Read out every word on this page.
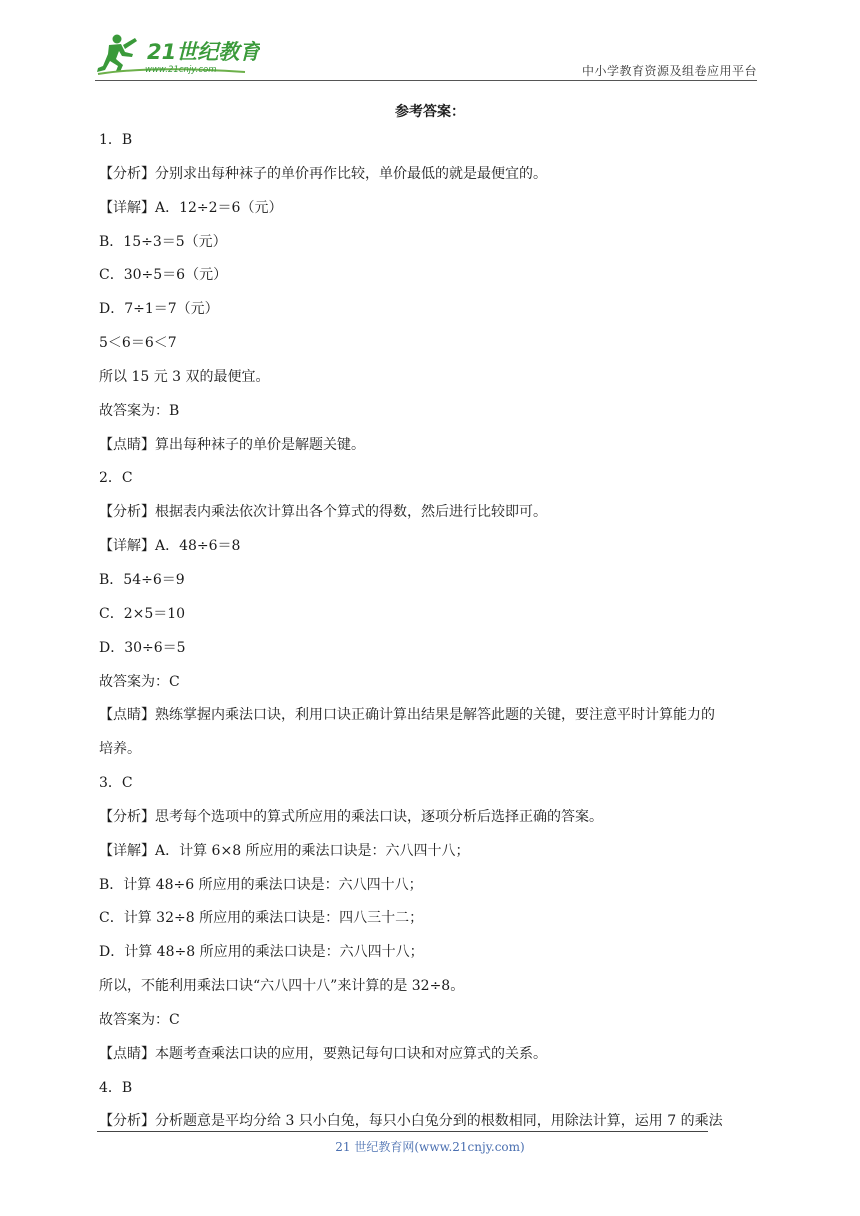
21世纪教育
www.21cnjy.com	中小学教育资源及组卷应用平台
参考答案：
1．B
【分析】分别求出每种袜子的单价再作比较，单价最低的就是最便宜的。
【详解】A．12÷2＝6（元）
B．15÷3＝5（元）
C．30÷5＝6（元）
D．7÷1＝7（元）
5＜6＝6＜7
所以 15 元 3 双的最便宜。
故答案为：B
【点睛】算出每种袜子的单价是解题关键。
2．C
【分析】根据表内乘法依次计算出各个算式的得数，然后进行比较即可。
【详解】A．48÷6＝8
B．54÷6＝9
C．2×5＝10
D．30÷6＝5
故答案为：C
【点睛】熟练掌握内乘法口诀，利用口诀正确计算出结果是解答此题的关键，要注意平时计算能力的
培养。
3．C
【分析】思考每个选项中的算式所应用的乘法口诀，逐项分析后选择正确的答案。
【详解】A．计算 6×8 所应用的乘法口诀是：六八四十八；
B．计算 48÷6 所应用的乘法口诀是：六八四十八；
C．计算 32÷8 所应用的乘法口诀是：四八三十二；
D．计算 48÷8 所应用的乘法口诀是：六八四十八；
所以，不能利用乘法口诀“六八四十八”来计算的是 32÷8。
故答案为：C
【点睛】本题考查乘法口诀的应用，要熟记每句口诀和对应算式的关系。
4．B
【分析】分析题意是平均分给 3 只小白兔，每只小白兔分到的根数相同，用除法计算，运用 7 的乘法
21 世纪教育网(www.21cnjy.com)
